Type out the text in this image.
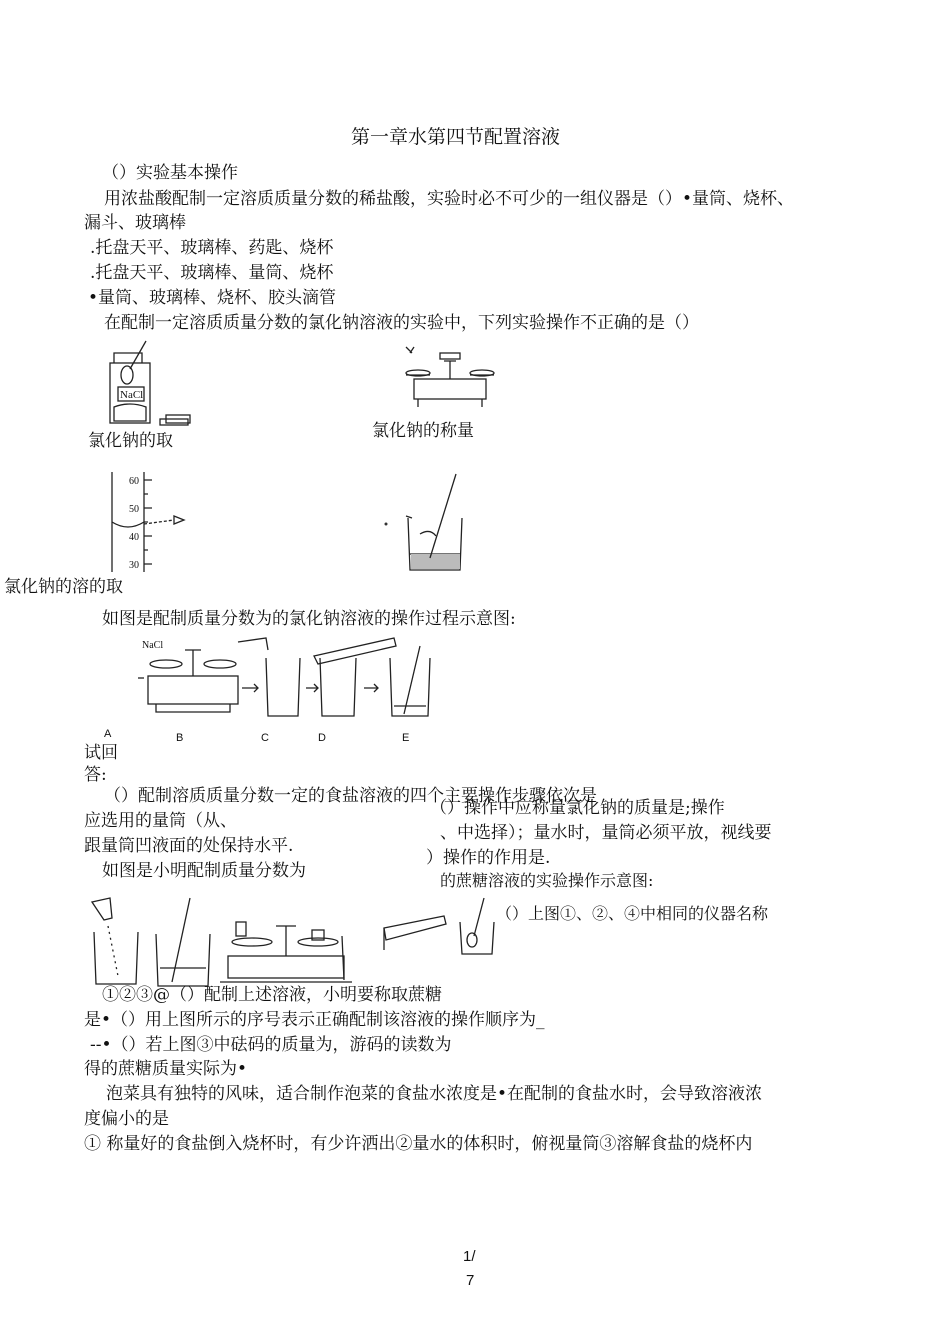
第一章水第四节配置溶液
（）实验基本操作
用浓盐酸配制一定溶质质量分数的稀盐酸，实验时必不可少的一组仪器是（）•量筒、烧杯、
漏斗、玻璃棒
.托盘天平、玻璃棒、药匙、烧杯
.托盘天平、玻璃棒、量筒、烧杯
•量筒、玻璃棒、烧杯、胶头滴管
在配制一定溶质质量分数的氯化钠溶液的实验中，下列实验操作不正确的是（）
NaCl
氯化钠的取	氯化钠的称量
60
50
40
30
氯化钠的溶的取
如图是配制质量分数为的氯化钠溶液的操作过程示意图:
NaCl
A	B	C	D	E
试回
答:
（）配制溶质质量分数一定的食盐溶液的四个主要操作步骤依次是
（）操作中应称量氯化钠的质量是;操作
应选用的量筒（从、
、中选择）；量水时，量筒必须平放，视线要
跟量筒凹液面的处保持水平.
）操作的作用是.
如图是小明配制质量分数为	的蔗糖溶液的实验操作示意图:
（）上图①、②、④中相同的仪器名称
①②③@（）配制上述溶液，小明要称取蔗糖
是•（）用上图所示的序号表示正确配制该溶液的操作顺序为_
--•（）若上图③中砝码的质量为，游码的读数为
得的蔗糖质量实际为•
泡菜具有独特的风味，适合制作泡菜的食盐水浓度是•在配制的食盐水时，会导致溶液浓
度偏小的是
① 称量好的食盐倒入烧杯时，有少许洒出②量水的体积时，俯视量筒③溶解食盐的烧杯内
1/
7
